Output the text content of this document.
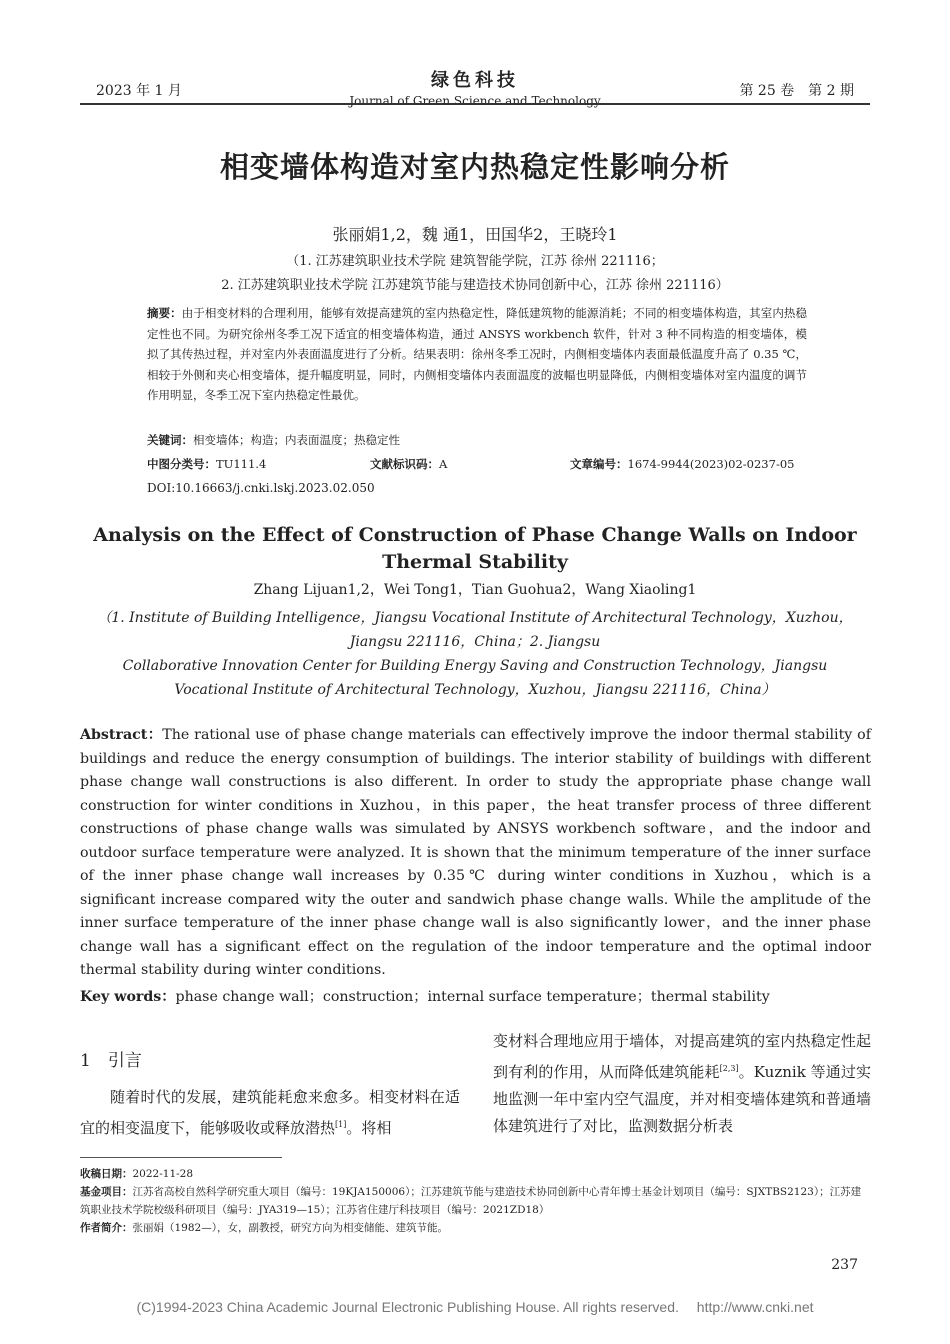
2023 年 1 月	绿色科技
Journal of Green Science and Technology
第 25 卷　第 2 期
相变墙体构造对室内热稳定性影响分析
张丽娟1,2，魏 通1，田国华2，王晓玲1
（1. 江苏建筑职业技术学院 建筑智能学院，江苏 徐州 221116；
2. 江苏建筑职业技术学院 江苏建筑节能与建造技术协同创新中心，江苏 徐州 221116）
摘要：由于相变材料的合理利用，能够有效提高建筑的室内热稳定性，降低建筑物的能源消耗；不同的相变墙体构造，其室内热稳定性也不同。为研究徐州冬季工况下适宜的相变墙体构造，通过 ANSYS workbench 软件，针对 3 种不同构造的相变墙体，模拟了其传热过程，并对室内外表面温度进行了分析。结果表明：徐州冬季工况时，内侧相变墙体内表面最低温度升高了 0.35 ℃，相较于外侧和夹心相变墙体，提升幅度明显，同时，内侧相变墙体内表面温度的波幅也明显降低，内侧相变墙体对室内温度的调节作用明显，冬季工况下室内热稳定性最优。
关键词：相变墙体；构造；内表面温度；热稳定性
中图分类号：TU111.4	文献标识码：A	文章编号：1674-9944(2023)02-0237-05
DOI:10.16663/j.cnki.lskj.2023.02.050
Analysis on the Effect of Construction of Phase Change Walls on Indoor
Thermal Stability
Zhang Lijuan1,2，Wei Tong1，Tian Guohua2，Wang Xiaoling1
（1. Institute of Building Intelligence，Jiangsu Vocational Institute of Architectural Technology，Xuzhou，
Jiangsu 221116，China；2. Jiangsu
Collaborative Innovation Center for Building Energy Saving and Construction Technology，Jiangsu
Vocational Institute of Architectural Technology，Xuzhou，Jiangsu 221116，China）
Abstract：The rational use of phase change materials can effectively improve the indoor thermal stability of buildings and reduce the energy consumption of buildings. The interior stability of buildings with different phase change wall constructions is also different. In order to study the appropriate phase change wall construction for winter conditions in Xuzhou，in this paper，the heat transfer process of three different constructions of phase change walls was simulated by ANSYS workbench software，and the indoor and outdoor surface temperature were analyzed. It is shown that the minimum temperature of the inner surface of the inner phase change wall increases by 0.35℃ during winter conditions in Xuzhou，which is a significant increase compared wity the outer and sandwich phase change walls. While the amplitude of the inner surface temperature of the inner phase change wall is also significantly lower，and the inner phase change wall has a significant effect on the regulation of the indoor temperature and the optimal indoor thermal stability during winter conditions.
Key words：phase change wall；construction；internal surface temperature；thermal stability
1　引言
随着时代的发展，建筑能耗愈来愈多。相变材料在适宜的相变温度下，能够吸收或释放潜热[1]。将相
变材料合理地应用于墙体，对提高建筑的室内热稳定性起到有利的作用，从而降低建筑能耗[2,3]。Kuznik 等通过实地监测一年中室内空气温度，并对相变墙体建筑和普通墙体建筑进行了对比，监测数据分析表
收稿日期：2022-11-28
基金项目：江苏省高校自然科学研究重大项目（编号：19KJA150006）；江苏建筑节能与建造技术协同创新中心青年博士基金计划项目（编号：SJXTBS2123）；江苏建筑职业技术学院校级科研项目（编号：JYA319—15）；江苏省住建厅科技项目（编号：2021ZD18）
作者简介：张丽娟（1982—），女，副教授，研究方向为相变储能、建筑节能。
237
(C)1994-2023 China Academic Journal Electronic Publishing House. All rights reserved.　 http://www.cnki.net
